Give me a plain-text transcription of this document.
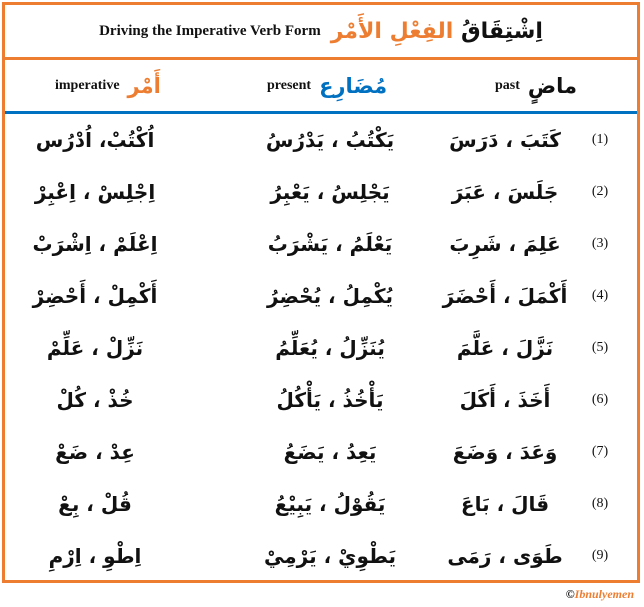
Driving the Imperative Verb Form	اِشْتِقَاقُ الفِعْلِ الأَمْر
imperative أَمْر	present مُضَارِع	past ماضٍ
(1)
كَتَبَ ، دَرَسَ
يَكْتُبُ ، يَدْرُسُ
اُكْتُبْ، اُدْرُس
(2)
جَلَسَ ، عَبَرَ
يَجْلِسُ ، يَعْبِرُ
اِجْلِسْ ، اِعْبِرْ
(3)
عَلِمَ ، شَرِبَ
يَعْلَمُ ، يَشْرَبُ
اِعْلَمْ ، اِشْرَبْ
(4)
أَكْمَلَ ، أَحْضَرَ
يُكْمِلُ ، يُحْضِرُ
أَكْمِلْ ، أَحْضِرْ
(5)
نَزَّلَ ، عَلَّمَ
يُنَزِّلُ ، يُعَلِّمُ
نَزِّلْ ، عَلِّمْ
(6)
أَخَذَ ، أَكَلَ
يَأْخُذُ ، يَأْكُلُ
خُذْ ، كُلْ
(7)
وَعَدَ ، وَضَعَ
يَعِدُ ، يَضَعُ
عِدْ ، ضَعْ
(8)
قَالَ ، بَاعَ
يَقُوْلُ ، يَبِيْعُ
قُلْ ، بِعْ
(9)
طَوَى ، رَمَى
يَطْوِيْ ، يَرْمِيْ
اِطْوِ ، اِرْمِ
©Ibnulyemen
